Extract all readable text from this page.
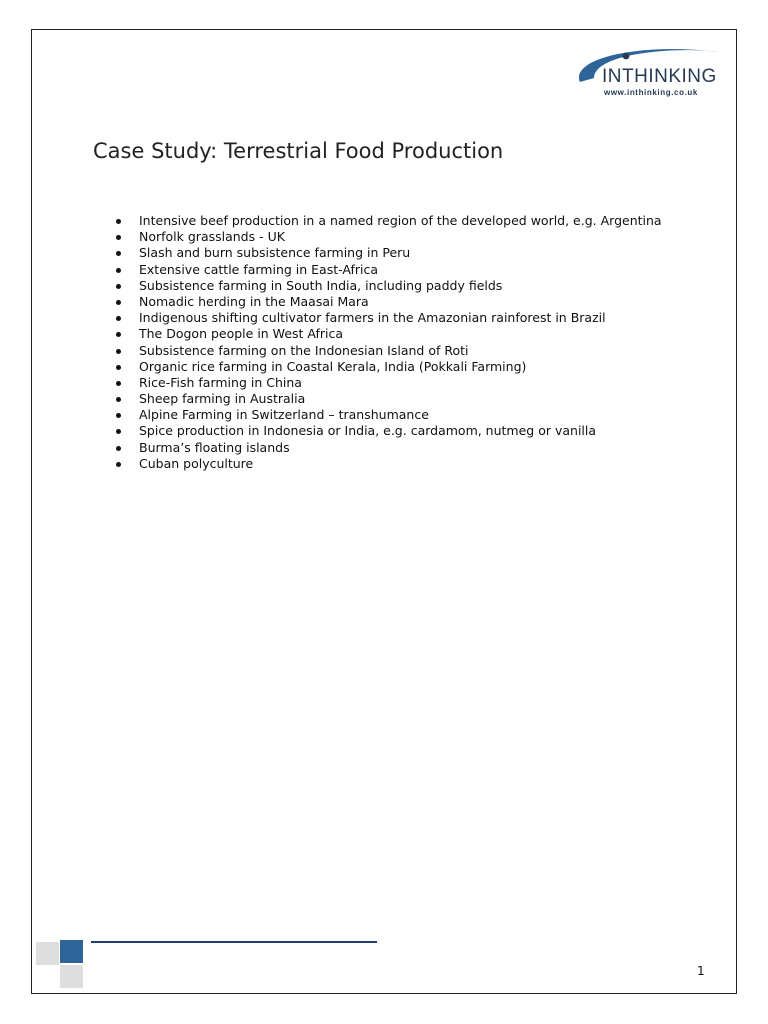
INTHINKING
www.inthinking.co.uk
Case Study: Terrestrial Food Production
Intensive beef production in a named region of the developed world, e.g. Argentina
Norfolk grasslands - UK
Slash and burn subsistence farming in Peru
Extensive cattle farming in East-Africa
Subsistence farming in South India, including paddy fields
Nomadic herding in the Maasai Mara
Indigenous shifting cultivator farmers in the Amazonian rainforest in Brazil
The Dogon people in West Africa
Subsistence farming on the Indonesian Island of Roti
Organic rice farming in Coastal Kerala, India (Pokkali Farming)
Rice-Fish farming in China
Sheep farming in Australia
Alpine Farming in Switzerland – transhumance
Spice production in Indonesia or India, e.g. cardamom, nutmeg or vanilla
Burma’s floating islands
Cuban polyculture
1
